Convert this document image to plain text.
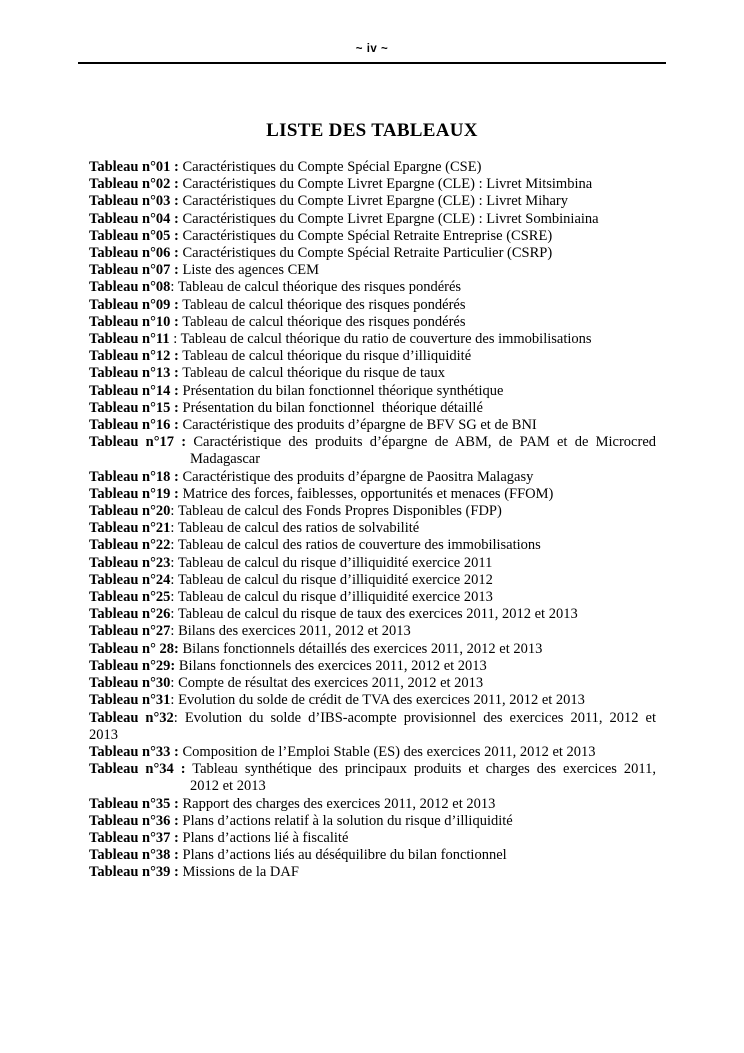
~ iv ~
LISTE DES TABLEAUX
Tableau n°01 : Caractéristiques du Compte Spécial Epargne (CSE)
Tableau n°02 : Caractéristiques du Compte Livret Epargne (CLE) : Livret Mitsimbina
Tableau n°03 : Caractéristiques du Compte Livret Epargne (CLE) : Livret Mihary
Tableau n°04 : Caractéristiques du Compte Livret Epargne (CLE) : Livret Sombiniaina
Tableau n°05 : Caractéristiques du Compte Spécial Retraite Entreprise (CSRE)
Tableau n°06 : Caractéristiques du Compte Spécial Retraite Particulier (CSRP)
Tableau n°07 : Liste des agences CEM
Tableau n°08: Tableau de calcul théorique des risques pondérés
Tableau n°09 : Tableau de calcul théorique des risques pondérés
Tableau n°10 : Tableau de calcul théorique des risques pondérés
Tableau n°11 : Tableau de calcul théorique du ratio de couverture des immobilisations
Tableau n°12 : Tableau de calcul théorique du risque d’illiquidité
Tableau n°13 : Tableau de calcul théorique du risque de taux
Tableau n°14 : Présentation du bilan fonctionnel théorique synthétique
Tableau n°15 : Présentation du bilan fonctionnel  théorique détaillé
Tableau n°16 : Caractéristique des produits d’épargne de BFV SG et de BNI
Tableau n°17 : Caractéristique des produits d’épargne de ABM, de PAM et de Microcred
Madagascar
Tableau n°18 : Caractéristique des produits d’épargne de Paositra Malagasy
Tableau n°19 : Matrice des forces, faiblesses, opportunités et menaces (FFOM)
Tableau n°20: Tableau de calcul des Fonds Propres Disponibles (FDP)
Tableau n°21: Tableau de calcul des ratios de solvabilité
Tableau n°22: Tableau de calcul des ratios de couverture des immobilisations
Tableau n°23: Tableau de calcul du risque d’illiquidité exercice 2011
Tableau n°24: Tableau de calcul du risque d’illiquidité exercice 2012
Tableau n°25: Tableau de calcul du risque d’illiquidité exercice 2013
Tableau n°26: Tableau de calcul du risque de taux des exercices 2011, 2012 et 2013
Tableau n°27: Bilans des exercices 2011, 2012 et 2013
Tableau n° 28: Bilans fonctionnels détaillés des exercices 2011, 2012 et 2013
Tableau n°29: Bilans fonctionnels des exercices 2011, 2012 et 2013
Tableau n°30: Compte de résultat des exercices 2011, 2012 et 2013
Tableau n°31: Evolution du solde de crédit de TVA des exercices 2011, 2012 et 2013
Tableau n°32: Evolution du solde d’IBS-acompte provisionnel des exercices 2011, 2012 et
2013
Tableau n°33 : Composition de l’Emploi Stable (ES) des exercices 2011, 2012 et 2013
Tableau n°34 : Tableau synthétique des principaux produits et charges des exercices 2011,
2012 et 2013
Tableau n°35 : Rapport des charges des exercices 2011, 2012 et 2013
Tableau n°36 : Plans d’actions relatif à la solution du risque d’illiquidité
Tableau n°37 : Plans d’actions lié à fiscalité
Tableau n°38 : Plans d’actions liés au déséquilibre du bilan fonctionnel
Tableau n°39 : Missions de la DAF
